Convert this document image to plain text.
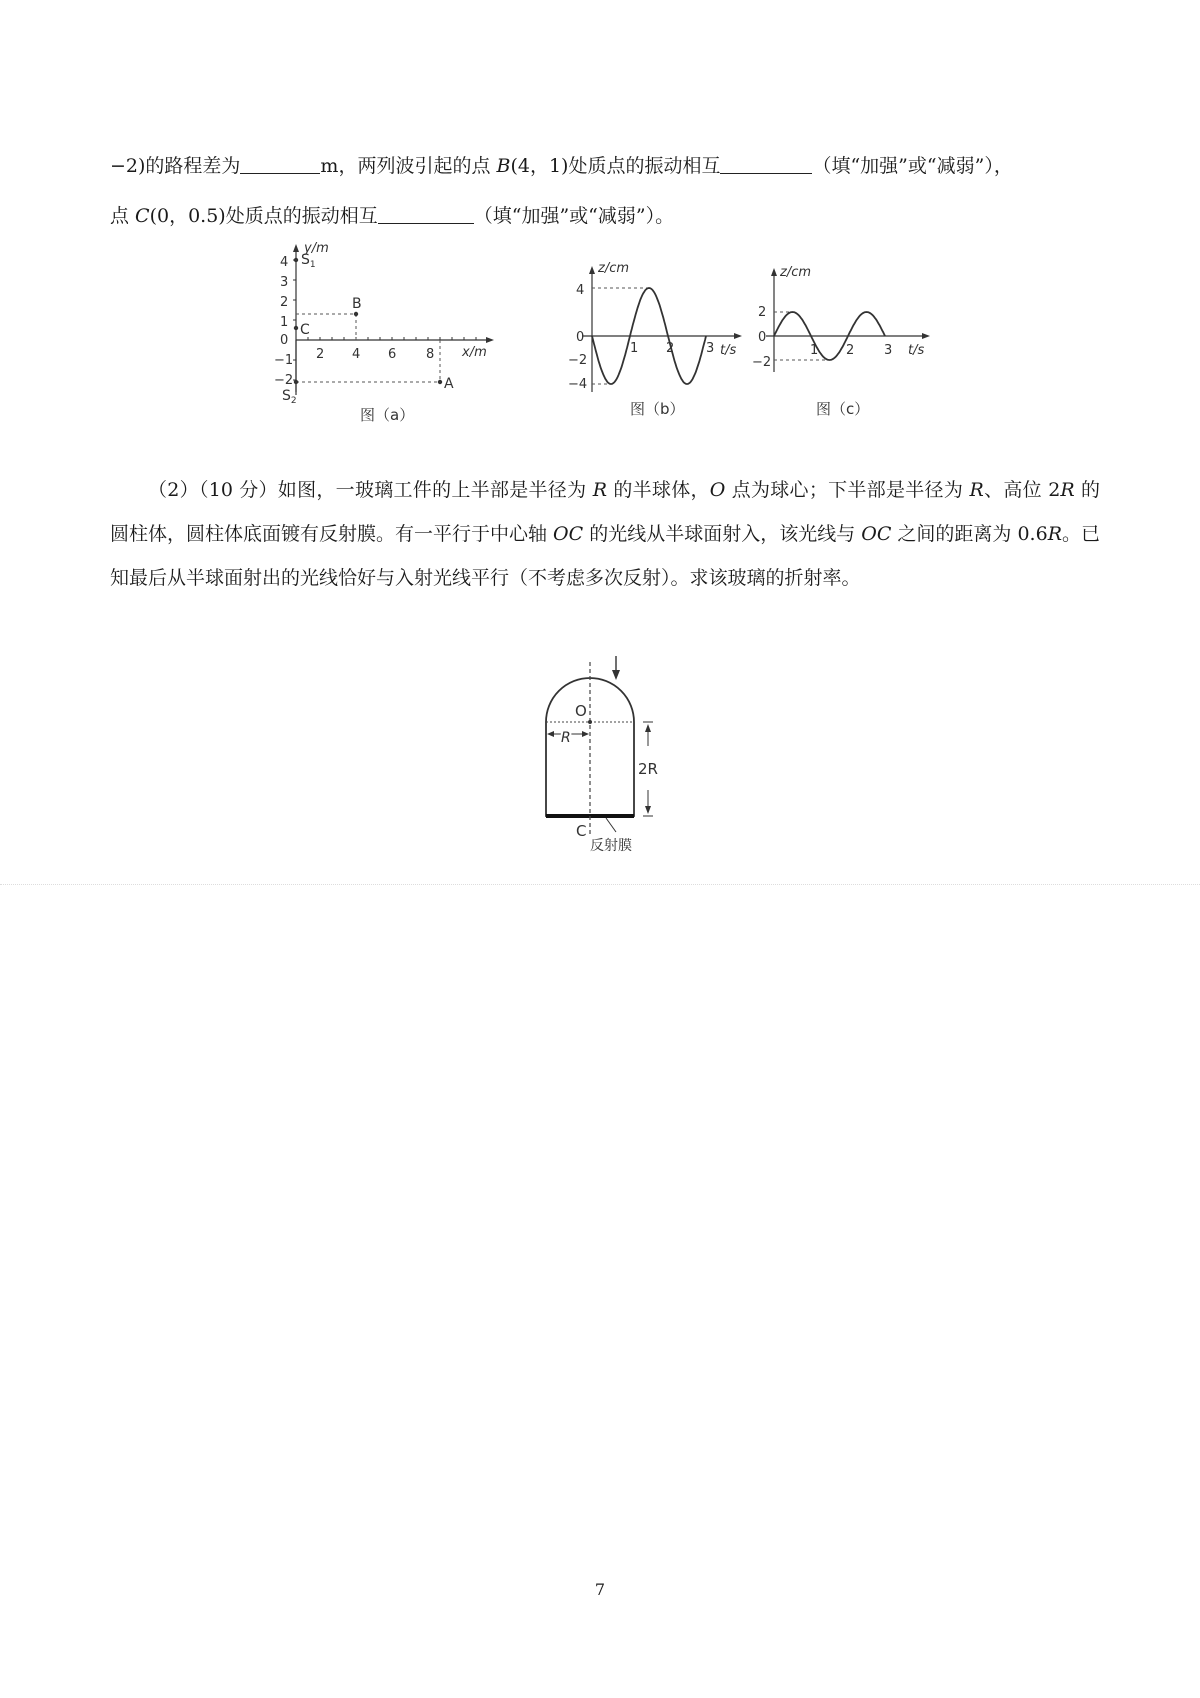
−2)的路程差为	m，两列波引起的点 B(4，1)处质点的振动相互	（填“加强”或“减弱”），
点 C(0，0.5)处质点的振动相互	（填“加强”或“减弱”）。
4
3
2
1
0
−1
−2
2 4 6 8
y/m
x/m
$S_1$
C
B
$S_2$
A
图（a）
z/cm
t/s
4
0
−2
−4
1 2 3
图（b）
z/cm
t/s
2
0
−2
1 2 3
图（c）

（2）（10 分）如图，一玻璃工件的上半部是半径为 R 的半球体，O 点为球心；下半部是半径为 R、高位 2R 的圆柱体，圆柱体底面镀有反射膜。有一平行于中心轴 OC 的光线从半球面射入，该光线与 OC 之间的距离为 0.6R。已知最后从半球面射出的光线恰好与入射光线平行（不考虑多次反射）。求该玻璃的折射率。

O
R
2R
C
反射膜
7
